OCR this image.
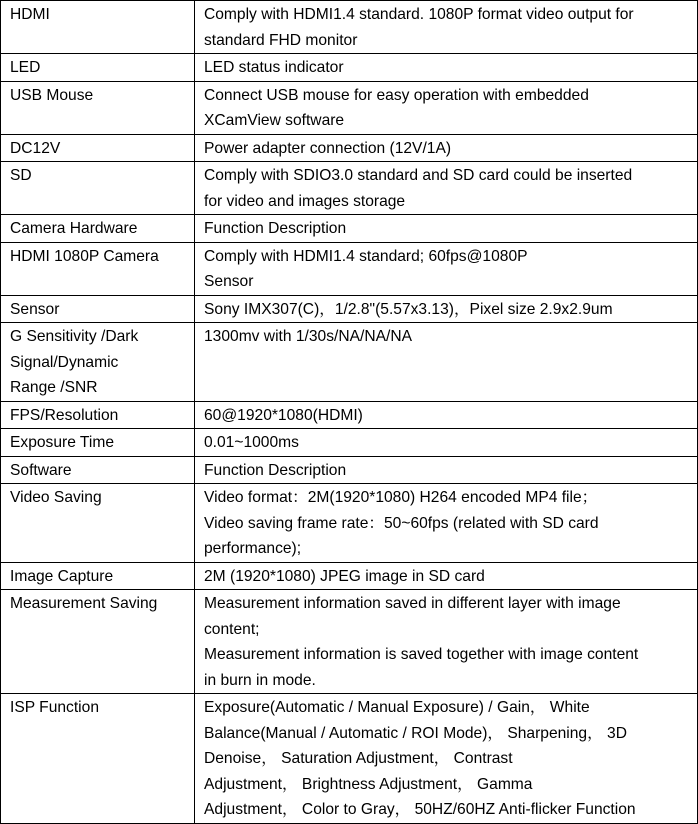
HDMI	Comply with HDMI1.4 standard. 1080P format video output for
standard FHD monitor

LED	LED status indicator

USB Mouse	Connect USB mouse for easy operation with embedded
XCamView software

DC12V	Power adapter connection (12V/1A)

SD	Comply with SDIO3.0 standard and SD card could be inserted
for video and images storage

Camera Hardware	Function Description

HDMI 1080P Camera	Comply with HDMI1.4 standard; 60fps@1080P
Sensor

Sensor	Sony IMX307(C)，1/2.8"(5.57x3.13)，Pixel size 2.9x2.9um

G Sensitivity /Dark
Signal/Dynamic
Range /SNR	1300mv with 1/30s/NA/NA/NA

FPS/Resolution	60@1920*1080(HDMI)

Exposure Time	0.01~1000ms

Software	Function Description

Video Saving	Video format：2M(1920*1080) H264 encoded MP4 file；
Video saving frame rate：50~60fps (related with SD card
performance);

Image Capture	2M (1920*1080) JPEG image in SD card

Measurement Saving	Measurement information saved in different layer with image
content;
Measurement information is saved together with image content
in burn in mode.

ISP Function	Exposure(Automatic / Manual Exposure) / Gain， White
Balance(Manual / Automatic / ROI Mode)， Sharpening， 3D
Denoise， Saturation Adjustment， Contrast
Adjustment， Brightness Adjustment， Gamma
Adjustment， Color to Gray， 50HZ/60HZ Anti-flicker Function
